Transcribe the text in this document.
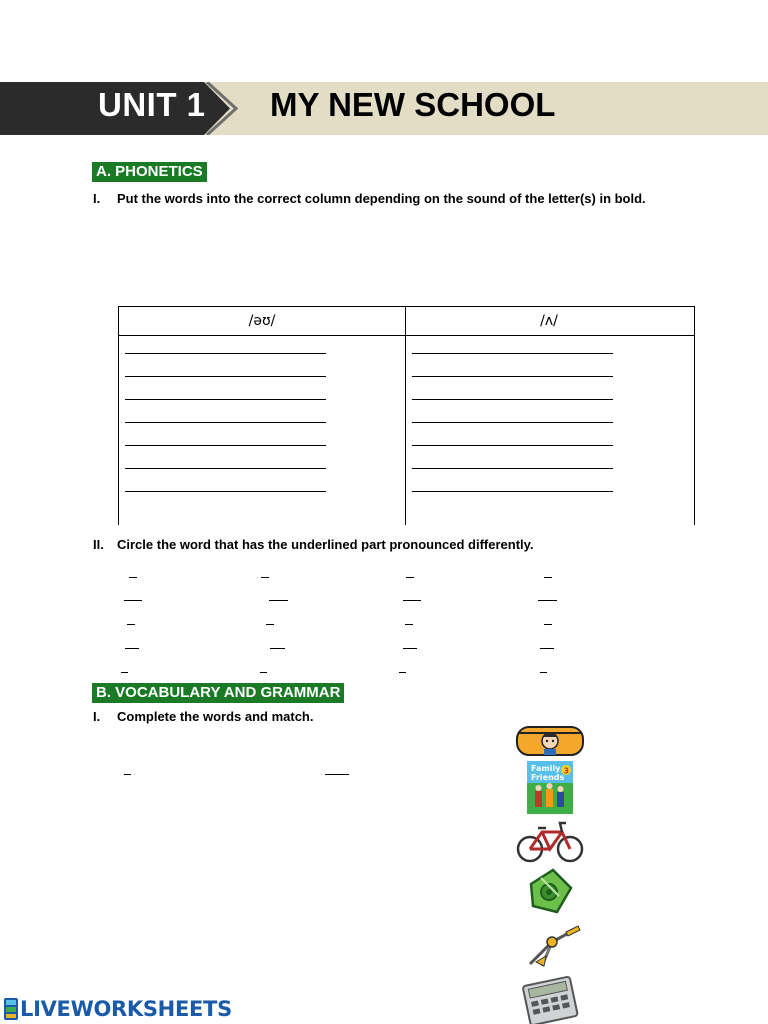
UNIT 1 MY NEW SCHOOL
A. PHONETICS
I. Put the words into the correct column depending on the sound of the letter(s) in bold.
/əʊ/	/ʌ/
II. Circle the word that has the underlined part pronounced differently.
B. VOCABULARY AND GRAMMAR
I. Complete the words and match.
Family
Friends
3
LIVEWORKSHEETS
